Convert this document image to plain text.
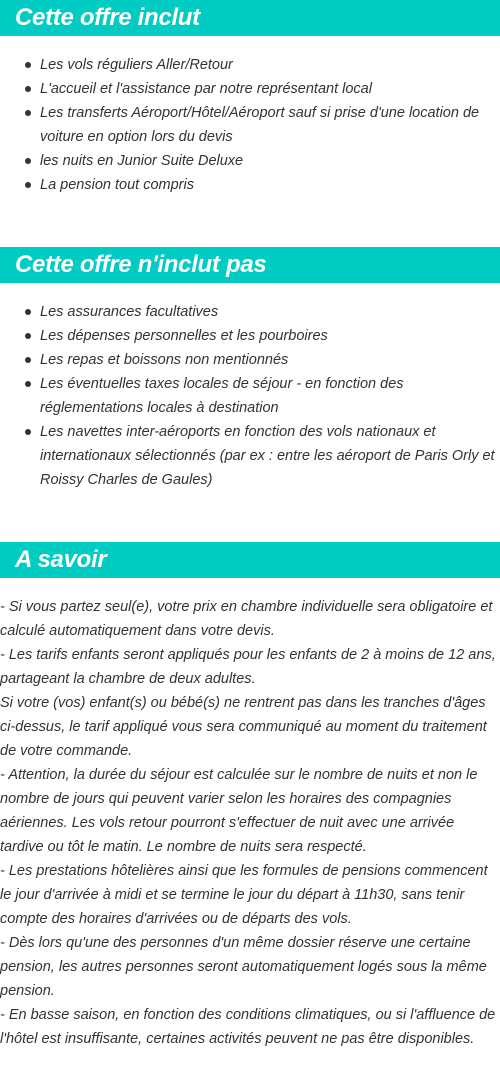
Cette offre inclut
Les vols réguliers Aller/Retour
L'accueil et l'assistance par notre représentant local
Les transferts Aéroport/Hôtel/Aéroport sauf si prise d'une location de voiture en option lors du devis
les nuits en Junior Suite Deluxe
La pension tout compris
Cette offre n'inclut pas
Les assurances facultatives
Les dépenses personnelles et les pourboires
Les repas et boissons non mentionnés
Les éventuelles taxes locales de séjour - en fonction des réglementations locales à destination
Les navettes inter-aéroports en fonction des vols nationaux et internationaux sélectionnés (par ex : entre les aéroport de Paris Orly et Roissy Charles de Gaules)
A savoir

- Si vous partez seul(e), votre prix en chambre individuelle sera obligatoire et calculé automatiquement dans votre devis.

- Les tarifs enfants seront appliqués pour les enfants de 2 à moins de 12 ans, partageant la chambre de deux adultes.

Si votre (vos) enfant(s) ou bébé(s) ne rentrent pas dans les tranches d'âges ci-dessus, le tarif appliqué vous sera communiqué au moment du traitement de votre commande.

- Attention, la durée du séjour est calculée sur le nombre de nuits et non le nombre de jours qui peuvent varier selon les horaires des compagnies aériennes. Les vols retour pourront s'effectuer de nuit avec une arrivée tardive ou tôt le matin. Le nombre de nuits sera respecté.

- Les prestations hôtelières ainsi que les formules de pensions commencent le jour d'arrivée à midi et se termine le jour du départ à 11h30, sans tenir compte des horaires d'arrivées ou de départs des vols.

- Dès lors qu'une des personnes d'un même dossier réserve une certaine pension, les autres personnes seront automatiquement logés sous la même pension.

- En basse saison, en fonction des conditions climatiques, ou si l'affluence de l'hôtel est insuffisante, certaines activités peuvent ne pas être disponibles.
